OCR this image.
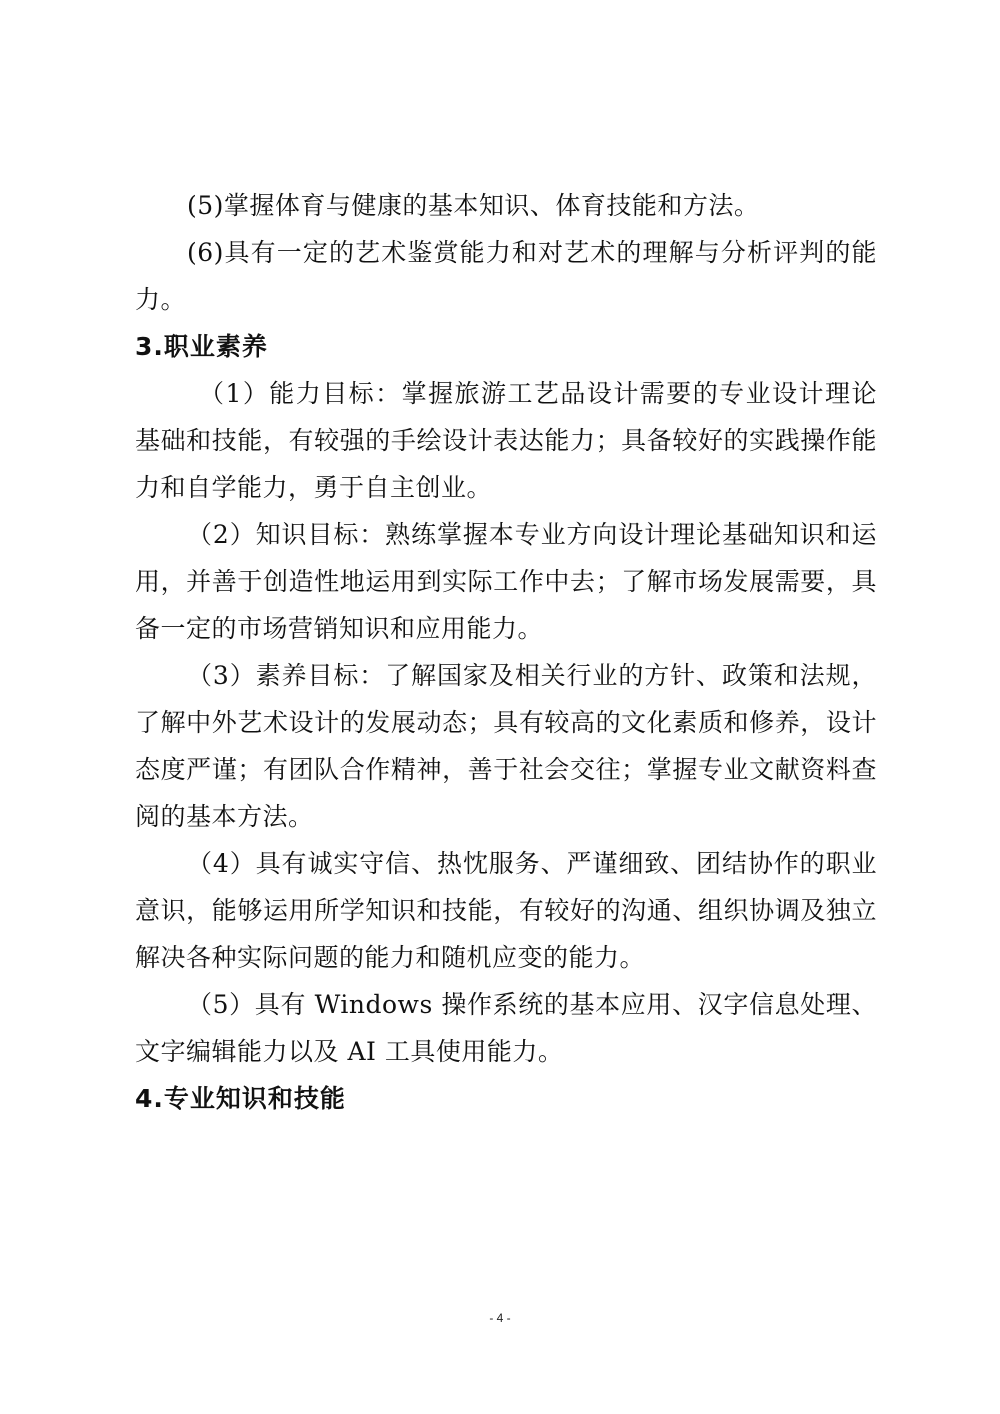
(5)掌握体育与健康的基本知识、体育技能和方法。

(6)具有一定的艺术鉴赏能力和对艺术的理解与分析评判的能力。

3.职业素养

（1）能力目标：掌握旅游工艺品设计需要的专业设计理论基础和技能，有较强的手绘设计表达能力；具备较好的实践操作能力和自学能力，勇于自主创业。

（2）知识目标：熟练掌握本专业方向设计理论基础知识和运用，并善于创造性地运用到实际工作中去；了解市场发展需要，具备一定的市场营销知识和应用能力。

（3）素养目标：了解国家及相关行业的方针、政策和法规，了解中外艺术设计的发展动态；具有较高的文化素质和修养，设计态度严谨；有团队合作精神，善于社会交往；掌握专业文献资料查阅的基本方法。

（4）具有诚实守信、热忱服务、严谨细致、团结协作的职业意识，能够运用所学知识和技能，有较好的沟通、组织协调及独立解决各种实际问题的能力和随机应变的能力。

（5）具有 Windows 操作系统的基本应用、汉字信息处理、文字编辑能力以及 AI 工具使用能力。

4.专业知识和技能
- 4 -
